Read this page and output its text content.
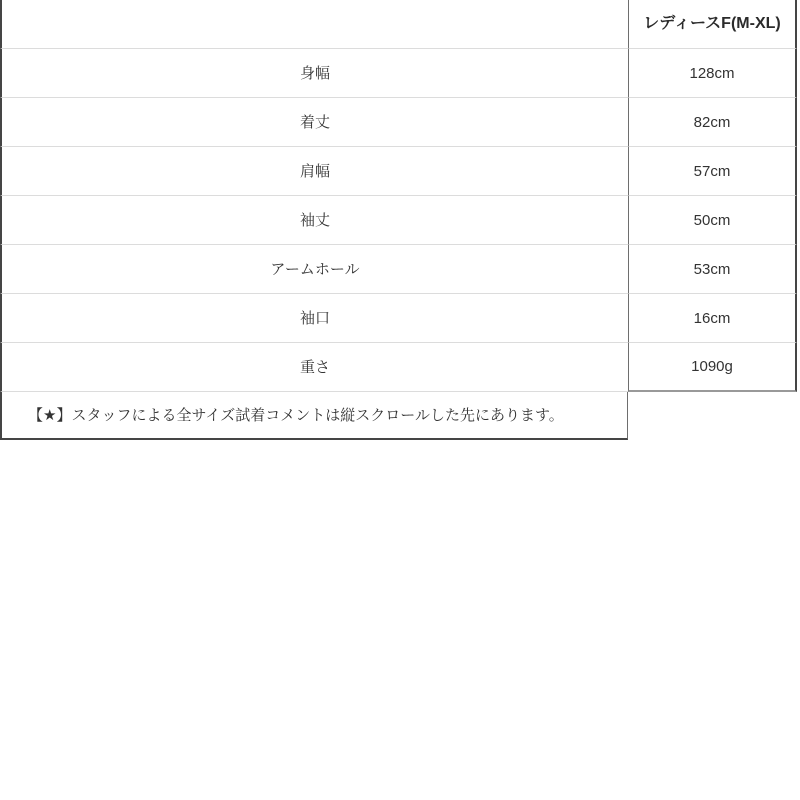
レディースF(M-XL)
身幅	128cm
着丈	82cm
肩幅	57cm
袖丈	50cm
アームホール	53cm
袖口	16cm
重さ	1090g
【★】スタッフによる全サイズ試着コメントは縦スクロールした先にあります。
